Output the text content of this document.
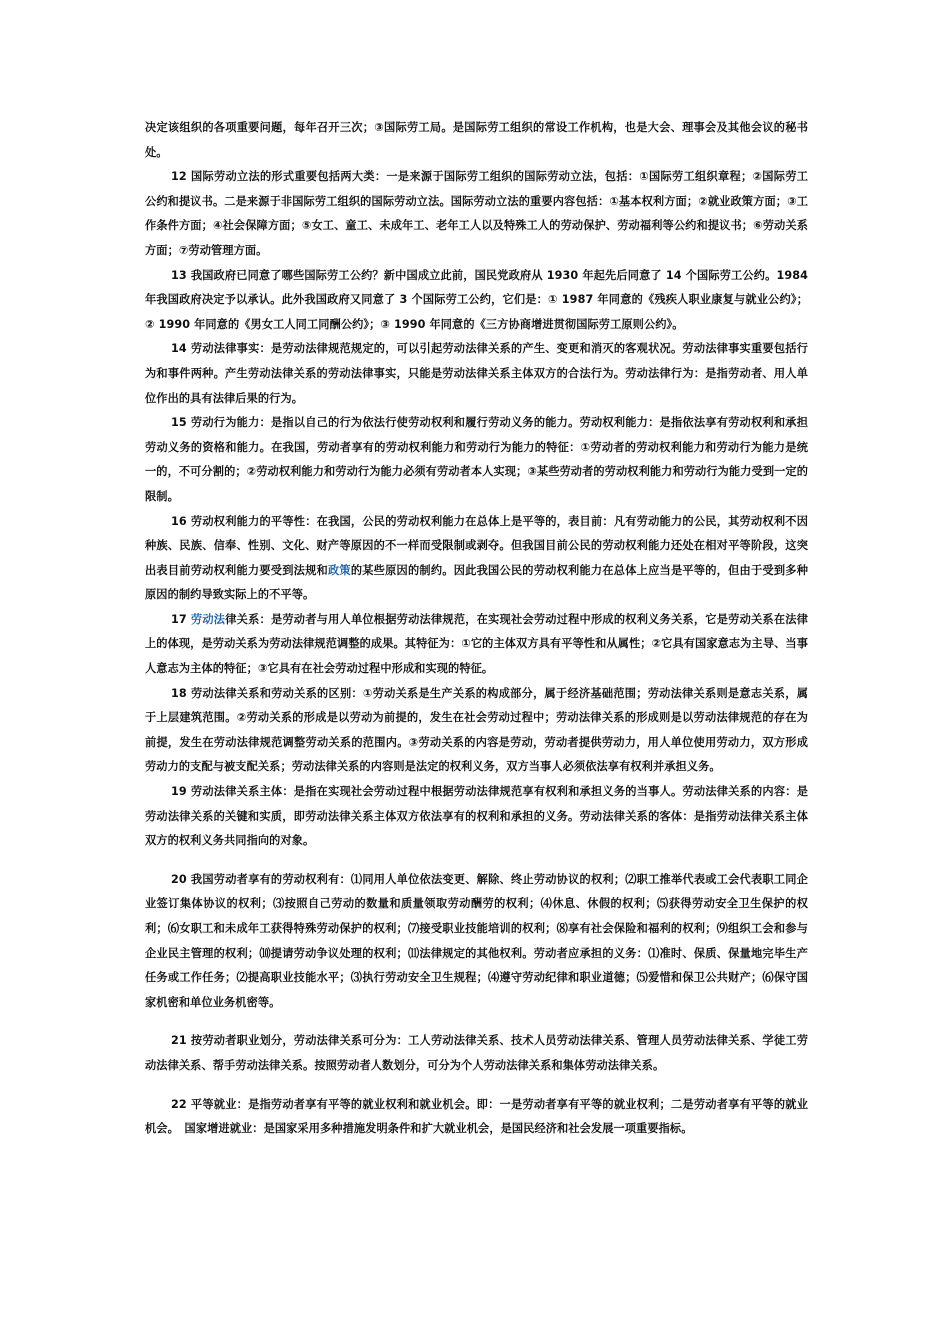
决定该组织的各项重要问题，每年召开三次；③国际劳工局。是国际劳工组织的常设工作机构，也是大会、理事会及其他会议的秘书处。

12 国际劳动立法的形式重要包括两大类：一是来源于国际劳工组织的国际劳动立法，包括：①国际劳工组织章程；②国际劳工公约和提议书。二是来源于非国际劳工组织的国际劳动立法。国际劳动立法的重要内容包括：①基本权利方面；②就业政策方面；③工作条件方面；④社会保障方面；⑤女工、童工、未成年工、老年工人以及特殊工人的劳动保护、劳动福利等公约和提议书；⑥劳动关系方面；⑦劳动管理方面。

13 我国政府已同意了哪些国际劳工公约？新中国成立此前，国民党政府从 1930 年起先后同意了 14 个国际劳工公约。1984 年我国政府决定予以承认。此外我国政府又同意了 3 个国际劳工公约，它们是：① 1987 年同意的《残疾人职业康复与就业公约》；② 1990 年同意的《男女工人同工同酬公约》；③ 1990 年同意的《三方协商增进贯彻国际劳工原则公约》。

14 劳动法律事实：是劳动法律规范规定的，可以引起劳动法律关系的产生、变更和消灭的客观状况。劳动法律事实重要包括行为和事件两种。产生劳动法律关系的劳动法律事实，只能是劳动法律关系主体双方的合法行为。劳动法律行为：是指劳动者、用人单位作出的具有法律后果的行为。

15 劳动行为能力：是指以自己的行为依法行使劳动权利和履行劳动义务的能力。劳动权利能力：是指依法享有劳动权利和承担劳动义务的资格和能力。在我国，劳动者享有的劳动权利能力和劳动行为能力的特征：①劳动者的劳动权利能力和劳动行为能力是统一的，不可分割的；②劳动权利能力和劳动行为能力必须有劳动者本人实现；③某些劳动者的劳动权利能力和劳动行为能力受到一定的限制。

16 劳动权利能力的平等性：在我国，公民的劳动权利能力在总体上是平等的，表目前：凡有劳动能力的公民，其劳动权利不因种族、民族、信奉、性别、文化、财产等原因的不一样而受限制或剥夺。但我国目前公民的劳动权利能力还处在相对平等阶段，这突出表目前劳动权利能力要受到法规和政策的某些原因的制约。因此我国公民的劳动权利能力在总体上应当是平等的，但由于受到多种原因的制约导致实际上的不平等。

17 劳动法律关系：是劳动者与用人单位根据劳动法律规范，在实现社会劳动过程中形成的权利义务关系，它是劳动关系在法律上的体现，是劳动关系为劳动法律规范调整的成果。其特征为：①它的主体双方具有平等性和从属性；②它具有国家意志为主导、当事人意志为主体的特征；③它具有在社会劳动过程中形成和实现的特征。

18 劳动法律关系和劳动关系的区别：①劳动关系是生产关系的构成部分，属于经济基础范围；劳动法律关系则是意志关系，属于上层建筑范围。②劳动关系的形成是以劳动为前提的，发生在社会劳动过程中；劳动法律关系的形成则是以劳动法律规范的存在为前提，发生在劳动法律规范调整劳动关系的范围内。③劳动关系的内容是劳动，劳动者提供劳动力，用人单位使用劳动力，双方形成劳动力的支配与被支配关系；劳动法律关系的内容则是法定的权利义务，双方当事人必须依法享有权利并承担义务。

19 劳动法律关系主体：是指在实现社会劳动过程中根据劳动法律规范享有权利和承担义务的当事人。劳动法律关系的内容：是劳动法律关系的关键和实质，即劳动法律关系主体双方依法享有的权利和承担的义务。劳动法律关系的客体：是指劳动法律关系主体双方的权利义务共同指向的对象。

20 我国劳动者享有的劳动权利有：⑴同用人单位依法变更、解除、终止劳动协议的权利；⑵职工推举代表或工会代表职工同企业签订集体协议的权利；⑶按照自己劳动的数量和质量领取劳动酬劳的权利；⑷休息、休假的权利；⑸获得劳动安全卫生保护的权利；⑹女职工和未成年工获得特殊劳动保护的权利；⑺接受职业技能培训的权利；⑻享有社会保险和福利的权利；⑼组织工会和参与企业民主管理的权利；⑽提请劳动争议处理的权利；⑾法律规定的其他权利。劳动者应承担的义务：⑴准时、保质、保量地完毕生产任务或工作任务；⑵提高职业技能水平；⑶执行劳动安全卫生规程；⑷遵守劳动纪律和职业道德；⑸爱惜和保卫公共财产；⑹保守国家机密和单位业务机密等。

21 按劳动者职业划分，劳动法律关系可分为：工人劳动法律关系、技术人员劳动法律关系、管理人员劳动法律关系、学徒工劳动法律关系、帮手劳动法律关系。按照劳动者人数划分，可分为个人劳动法律关系和集体劳动法律关系。

22 平等就业：是指劳动者享有平等的就业权利和就业机会。即：一是劳动者享有平等的就业权利；二是劳动者享有平等的就业机会。　国家增进就业：是国家采用多种措施发明条件和扩大就业机会，是国民经济和社会发展一项重要指标。
